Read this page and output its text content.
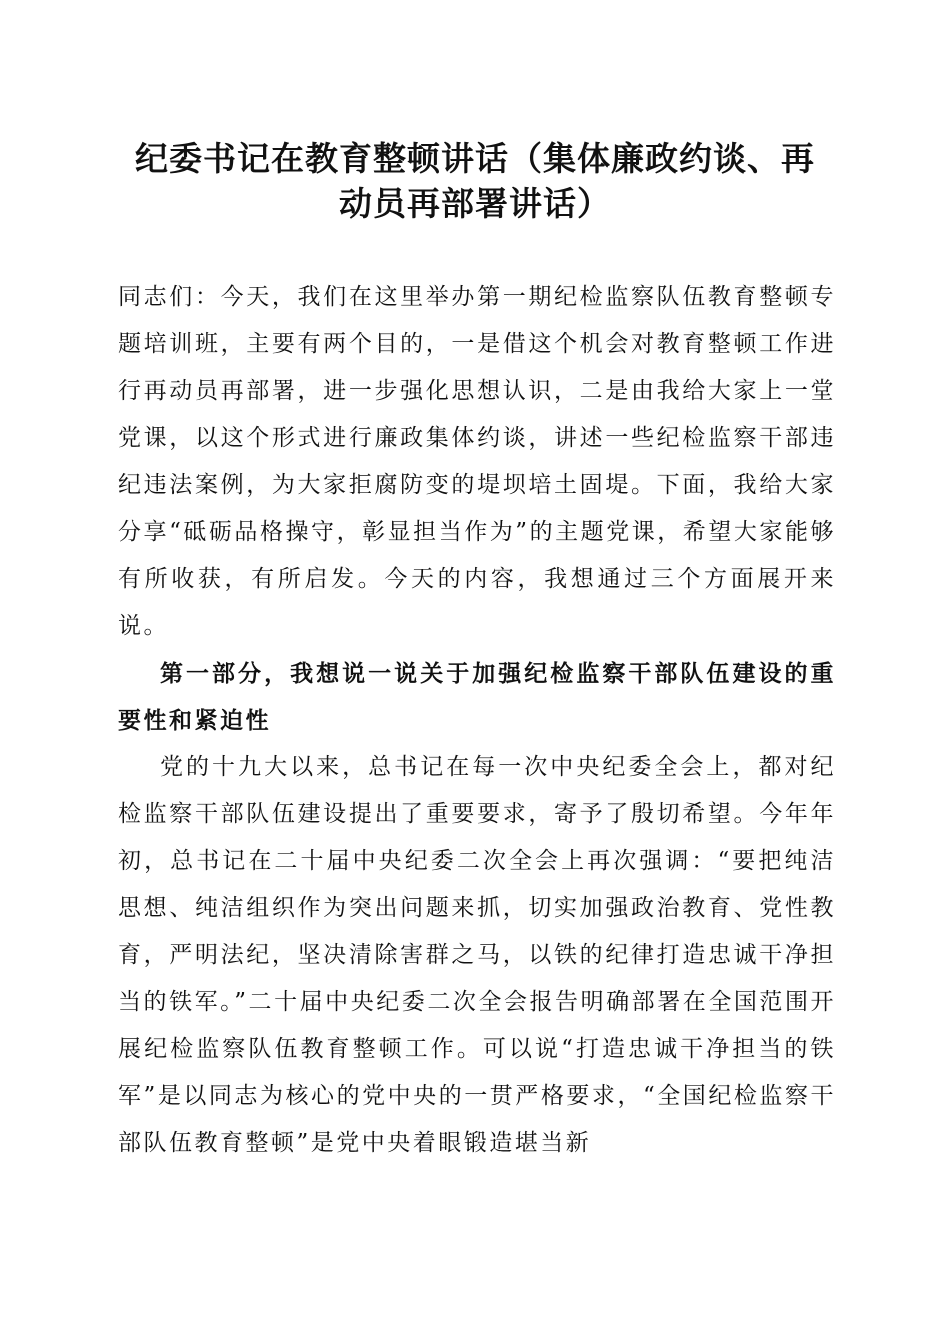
纪委书记在教育整顿讲话（集体廉政约谈、再
动员再部署讲话）

同志们：今天，我们在这里举办第一期纪检监察队伍教育整顿专题培训班，主要有两个目的，一是借这个机会对教育整顿工作进行再动员再部署，进一步强化思想认识，二是由我给大家上一堂党课，以这个形式进行廉政集体约谈，讲述一些纪检监察干部违纪违法案例，为大家拒腐防变的堤坝培土固堤。下面，我给大家分享“砥砺品格操守，彰显担当作为”的主题党课，希望大家能够有所收获，有所启发。今天的内容，我想通过三个方面展开来说。

第一部分，我想说一说关于加强纪检监察干部队伍建设的重要性和紧迫性

党的十九大以来，总书记在每一次中央纪委全会上，都对纪检监察干部队伍建设提出了重要要求，寄予了殷切希望。今年年初，总书记在二十届中央纪委二次全会上再次强调：“要把纯洁思想、纯洁组织作为突出问题来抓，切实加强政治教育、党性教育，严明法纪，坚决清除害群之马，以铁的纪律打造忠诚干净担当的铁军。”二十届中央纪委二次全会报告明确部署在全国范围开展纪检监察队伍教育整顿工作。可以说“打造忠诚干净担当的铁军”是以同志为核心的党中央的一贯严格要求，“全国纪检监察干部队伍教育整顿”是党中央着眼锻造堪当新
